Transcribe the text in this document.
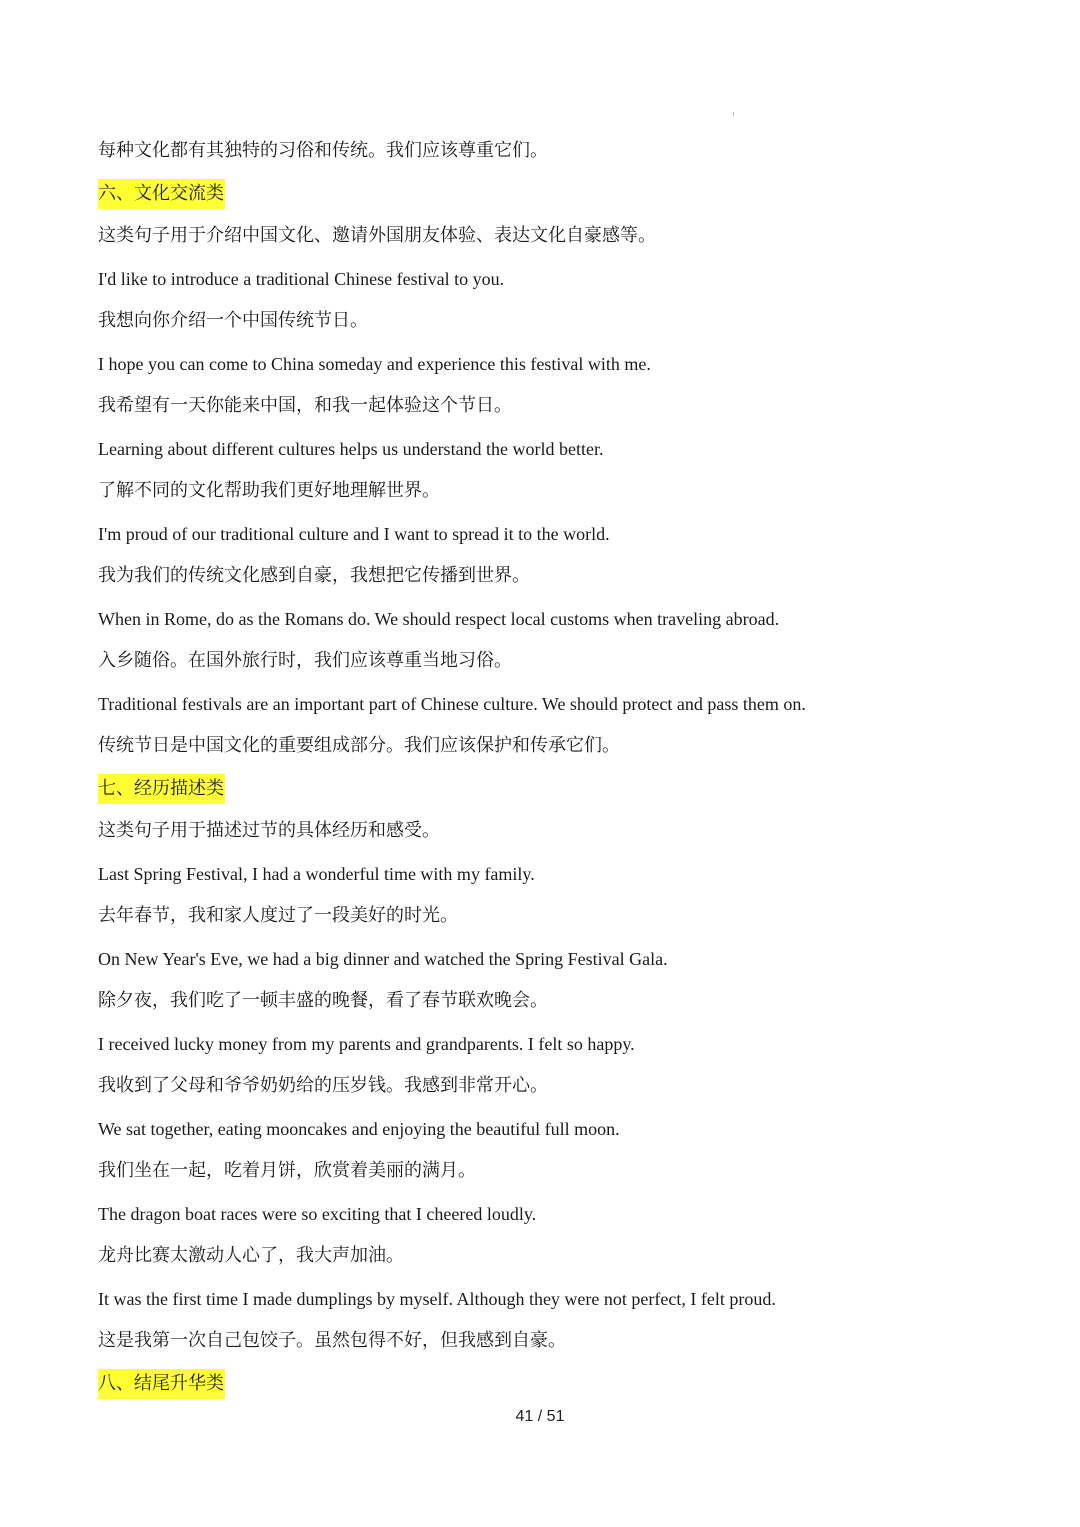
每种文化都有其独特的习俗和传统。我们应该尊重它们。
六、文化交流类
这类句子用于介绍中国文化、邀请外国朋友体验、表达文化自豪感等。
I'd like to introduce a traditional Chinese festival to you.
我想向你介绍一个中国传统节日。
I hope you can come to China someday and experience this festival with me.
我希望有一天你能来中国，和我一起体验这个节日。
Learning about different cultures helps us understand the world better.
了解不同的文化帮助我们更好地理解世界。
I'm proud of our traditional culture and I want to spread it to the world.
我为我们的传统文化感到自豪，我想把它传播到世界。
When in Rome, do as the Romans do. We should respect local customs when traveling abroad.
入乡随俗。在国外旅行时，我们应该尊重当地习俗。
Traditional festivals are an important part of Chinese culture. We should protect and pass them on.
传统节日是中国文化的重要组成部分。我们应该保护和传承它们。
七、经历描述类
这类句子用于描述过节的具体经历和感受。
Last Spring Festival, I had a wonderful time with my family.
去年春节，我和家人度过了一段美好的时光。
On New Year's Eve, we had a big dinner and watched the Spring Festival Gala.
除夕夜，我们吃了一顿丰盛的晚餐，看了春节联欢晚会。
I received lucky money from my parents and grandparents. I felt so happy.
我收到了父母和爷爷奶奶给的压岁钱。我感到非常开心。
We sat together, eating mooncakes and enjoying the beautiful full moon.
我们坐在一起，吃着月饼，欣赏着美丽的满月。
The dragon boat races were so exciting that I cheered loudly.
龙舟比赛太激动人心了，我大声加油。
It was the first time I made dumplings by myself. Although they were not perfect, I felt proud.
这是我第一次自己包饺子。虽然包得不好，但我感到自豪。
八、结尾升华类
41 / 51
